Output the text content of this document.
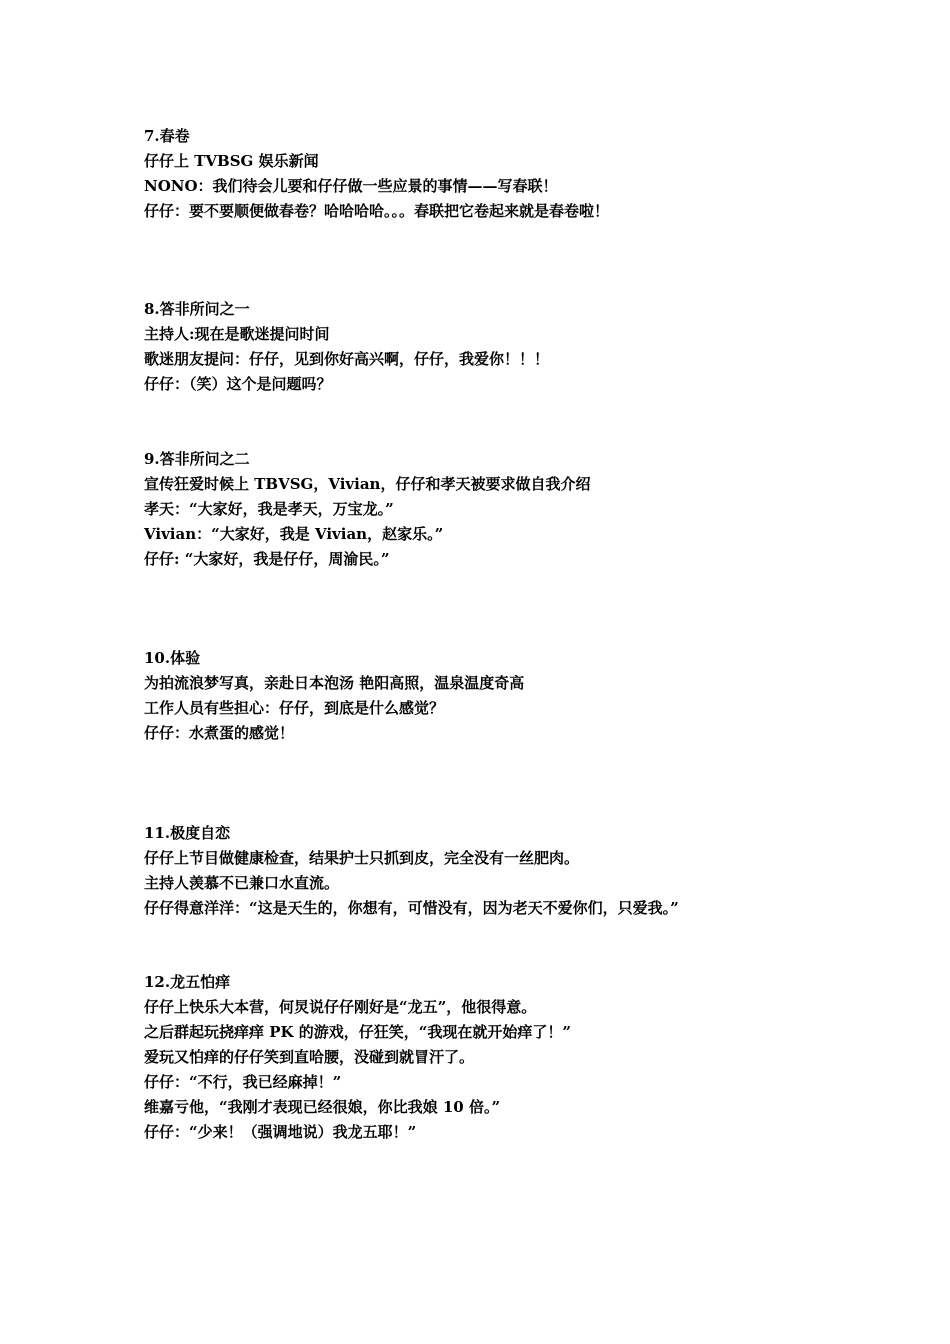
7.春卷
仔仔上 TVBSG 娱乐新闻
NONO：我们待会儿要和仔仔做一些应景的事情——写春联！
仔仔：要不要顺便做春卷？哈哈哈哈。。。春联把它卷起来就是春卷啦！
8.答非所问之一
主持人:现在是歌迷提问时间
歌迷朋友提问：仔仔，见到你好高兴啊，仔仔，我爱你！！！
仔仔：（笑）这个是问题吗？
9.答非所问之二
宣传狂爱时候上 TBVSG，Vivian，仔仔和孝天被要求做自我介绍
孝天：“大家好，我是孝天，万宝龙。”
Vivian：“大家好，我是 Vivian，赵家乐。”
仔仔: “大家好，我是仔仔，周渝民。”
10.体验
为拍流浪梦写真，亲赴日本泡汤 艳阳高照，温泉温度奇高
工作人员有些担心：仔仔，到底是什么感觉？
仔仔：水煮蛋的感觉！
11.极度自恋
仔仔上节目做健康检查，结果护士只抓到皮，完全没有一丝肥肉。
主持人羡慕不已兼口水直流。
仔仔得意洋洋：“这是天生的，你想有，可惜没有，因为老天不爱你们，只爱我。”
12.龙五怕痒
仔仔上快乐大本营，何炅说仔仔刚好是“龙五”，他很得意。
之后群起玩挠痒痒 PK 的游戏，仔狂笑，“我现在就开始痒了！”
爱玩又怕痒的仔仔笑到直哈腰，没碰到就冒汗了。
仔仔：“不行，我已经麻掉！”
维嘉亏他，“我刚才表现已经很娘，你比我娘 10 倍。”
仔仔：“少来！（强调地说）我龙五耶！”
